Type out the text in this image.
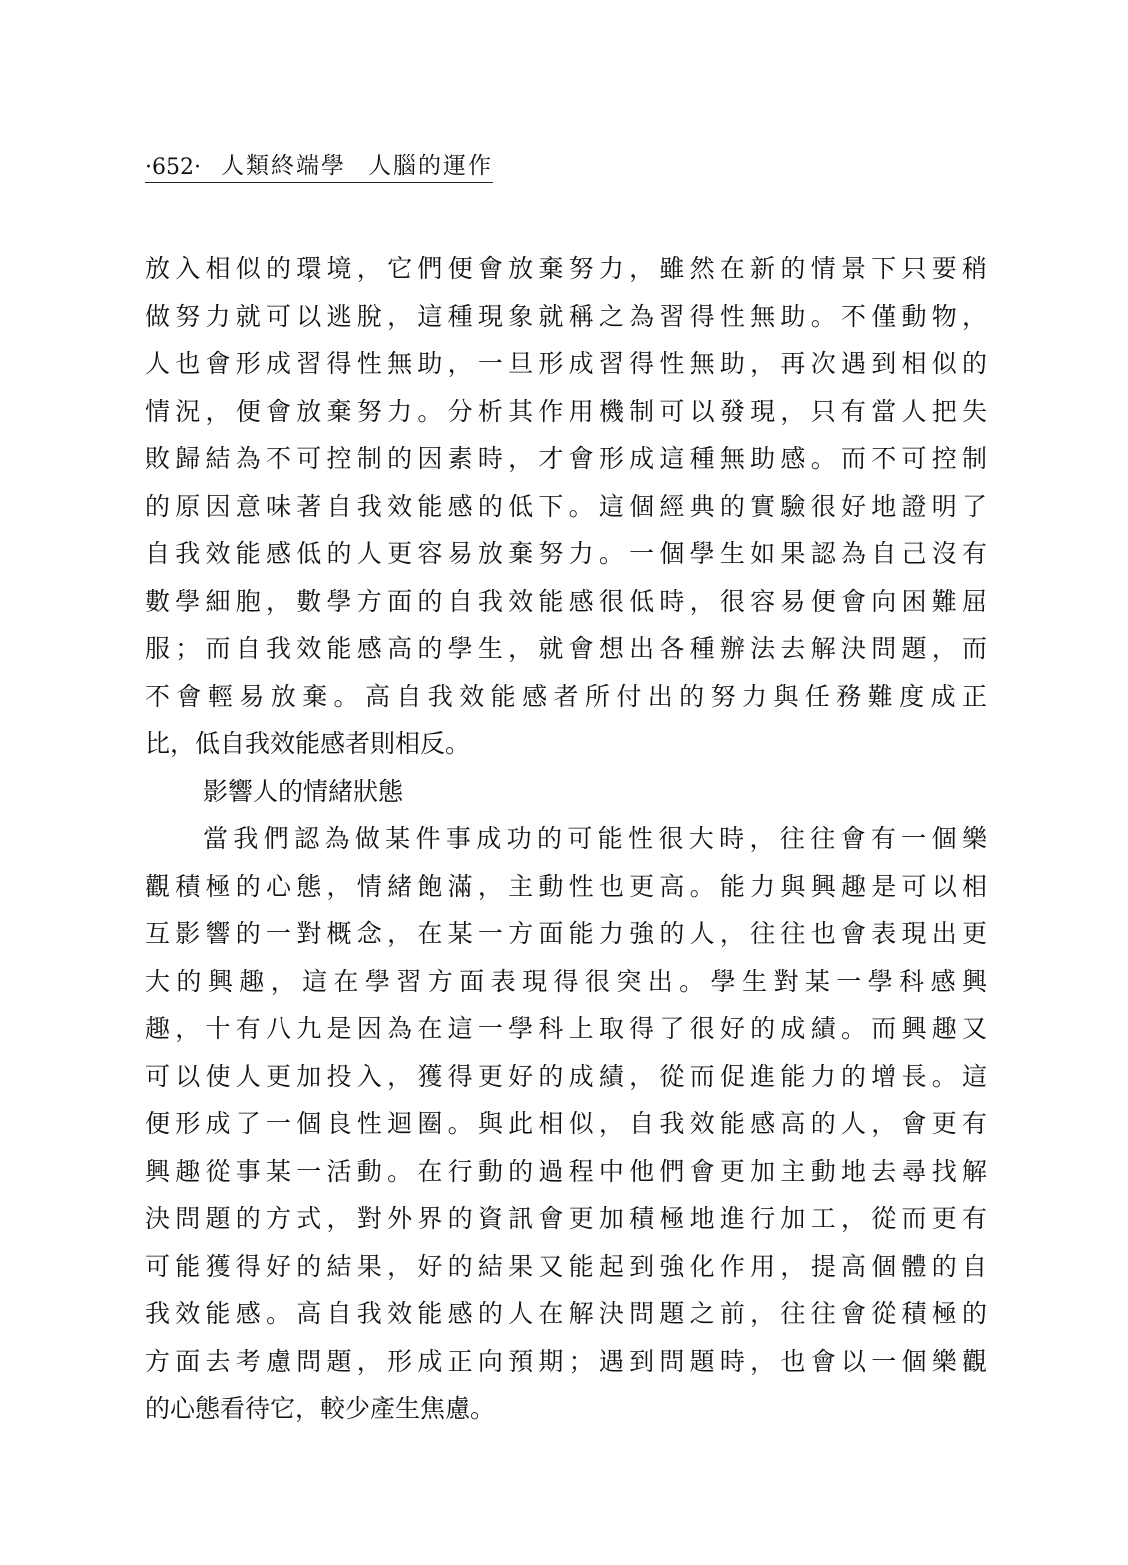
·652· 人類終端學 人腦的運作
放入相似的環境，它們便會放棄努力，雖然在新的情景下只要稍
做努力就可以逃脫，這種現象就稱之為習得性無助。不僅動物，
人也會形成習得性無助，一旦形成習得性無助，再次遇到相似的
情況，便會放棄努力。分析其作用機制可以發現，只有當人把失
敗歸結為不可控制的因素時，才會形成這種無助感。而不可控制
的原因意味著自我效能感的低下。這個經典的實驗很好地證明了
自我效能感低的人更容易放棄努力。一個學生如果認為自己沒有
數學細胞，數學方面的自我效能感很低時，很容易便會向困難屈
服；而自我效能感高的學生，就會想出各種辦法去解決問題，而
不會輕易放棄。高自我效能感者所付出的努力與任務難度成正
比，低自我效能感者則相反。
影響人的情緒狀態
當我們認為做某件事成功的可能性很大時，往往會有一個樂
觀積極的心態，情緒飽滿，主動性也更高。能力與興趣是可以相
互影響的一對概念，在某一方面能力強的人，往往也會表現出更
大的興趣，這在學習方面表現得很突出。學生對某一學科感興
趣，十有八九是因為在這一學科上取得了很好的成績。而興趣又
可以使人更加投入，獲得更好的成績，從而促進能力的增長。這
便形成了一個良性迴圈。與此相似，自我效能感高的人，會更有
興趣從事某一活動。在行動的過程中他們會更加主動地去尋找解
決問題的方式，對外界的資訊會更加積極地進行加工，從而更有
可能獲得好的結果，好的結果又能起到強化作用，提高個體的自
我效能感。高自我效能感的人在解決問題之前，往往會從積極的
方面去考慮問題，形成正向預期；遇到問題時，也會以一個樂觀
的心態看待它，較少產生焦慮。
